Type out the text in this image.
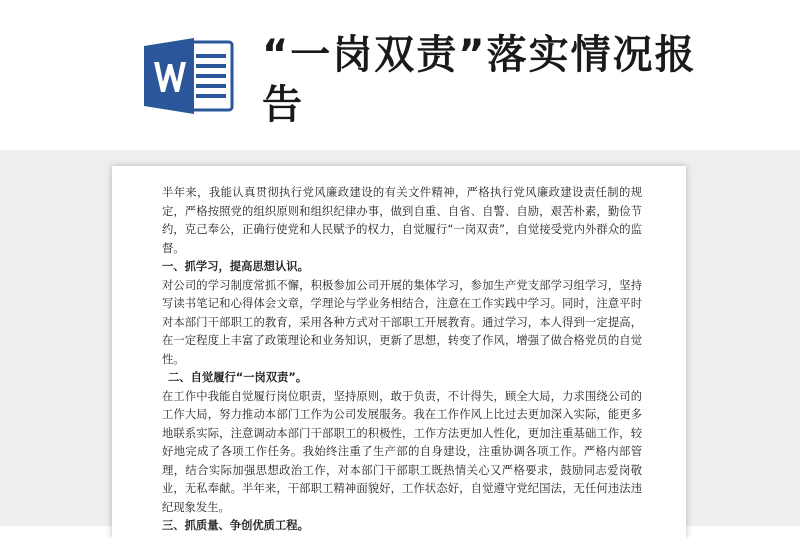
“一岗双责”落实情况报告

半年来，我能认真贯彻执行党风廉政建设的有关文件精神，严格执行党风廉政建设责任制的规定，严格按照党的组织原则和组织纪律办事，做到自重、自省、自警、自励，艰苦朴素，勤俭节约，克己奉公，正确行使党和人民赋予的权力，自觉履行“一岗双责”，自觉接受党内外群众的监督。

一、抓学习，提高思想认识。

对公司的学习制度常抓不懈，积极参加公司开展的集体学习，参加生产党支部学习组学习，坚持写读书笔记和心得体会文章，学理论与学业务相结合，注意在工作实践中学习。同时，注意平时对本部门干部职工的教育，采用各种方式对干部职工开展教育。通过学习，本人得到一定提高，在一定程度上丰富了政策理论和业务知识，更新了思想，转变了作风，增强了做合格党员的自觉性。

二、自觉履行“一岗双责”。

在工作中我能自觉履行岗位职责，坚持原则，敢于负责，不计得失，顾全大局，力求围绕公司的工作大局，努力推动本部门工作为公司发展服务。我在工作作风上比过去更加深入实际，能更多地联系实际，注意调动本部门干部职工的积极性，工作方法更加人性化，更加注重基础工作，较好地完成了各项工作任务。我始终注重了生产部的自身建设，注重协调各项工作。严格内部管理，结合实际加强思想政治工作，对本部门干部职工既热情关心又严格要求，鼓励同志爱岗敬业，无私奉献。半年来，干部职工精神面貌好，工作状态好，自觉遵守党纪国法，无任何违法违纪现象发生。

三、抓质量、争创优质工程。
